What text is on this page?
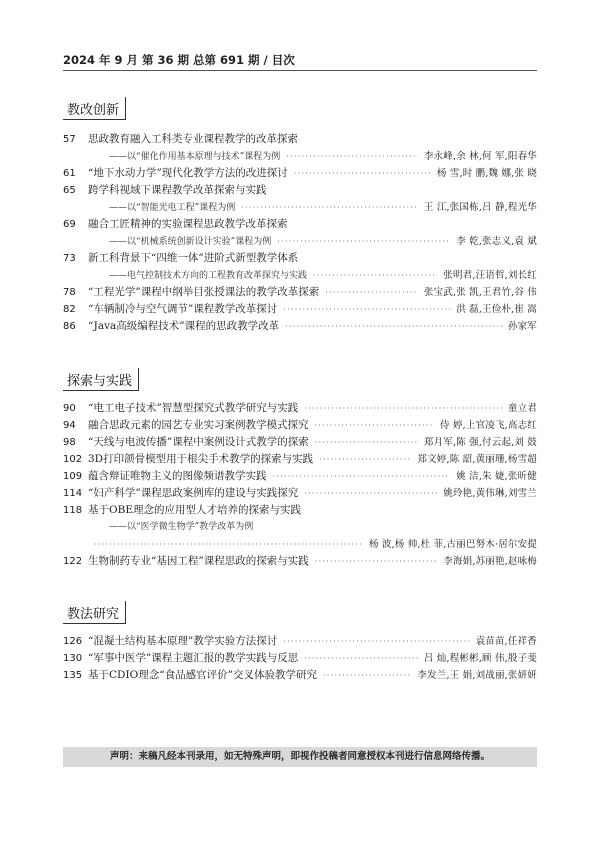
2024 年 9 月 第 36 期 总第 691 期 / 目次
教改创新
57	思政教育融入工科类专业课程教学的改革探索
——以“催化作用基本原理与技术”课程为例 ·····	李永峰,余 林,何 军,阳春华
61	“地下水动力学”现代化教学方法的改进探讨 ·····	杨 雪,时 鹏,魏 娜,张 晓
65	跨学科视域下课程教学改革探索与实践
——以“智能光电工程”课程为例 ·····	王 江,张国栋,吕 静,程光华
69	融合工匠精神的实验课程思政教学改革探索
——以“机械系统创新设计实验”课程为例 ·····	李 乾,张志义,袁 斌
73	新工科背景下“四维一体”进阶式新型教学体系
——电气控制技术方向的工程教育改革探究与实践 ·····	张明君,汪语哲,刘长红
78	“工程光学”课程中纲举目张授课法的教学改革探索 ·····	张宝武,张 凯,王君竹,谷 伟
82	“车辆制冷与空气调节”课程教学改革探讨 ·····	洪 磊,王俭朴,崔 嵩
86	“Java高级编程技术”课程的思政教学改革 ·····	孙家军
探索与实践
90	“电工电子技术”智慧型探究式教学研究与实践 ·····	童立君
94	融合思政元素的园艺专业实习案例教学模式探究 ·····	侍 婷,上官凌飞,高志红
98	“天线与电波传播”课程中案例设计式教学的探索 ·····	郑月军,陈 强,付云起,刘 鼓
102 3D打印颌骨模型用于根尖手术教学的探索与实践 ·····	郑文婷,陈 韶,黄丽珊,杨雪超
109 蕴含辩证唯物主义的图像频谱教学实践 ·····	姚 洁,朱 婕,张昕健
114 “妇产科学”课程思政案例库的建设与实践探究 ·····	姚玲艳,黄伟琳,刘雪兰
118 基于OBE理念的应用型人才培养的探索与实践
——以“医学微生物学”教学改革为例
·····
杨 波,杨 帅,杜 菲,古丽巴努木·居尔安提
122 生物制药专业“基因工程”课程思政的探索与实践 ·····	李海娟,苏丽艳,赵咏梅
教法研究
126 “混凝土结构基本原理”教学实验方法探讨 ·····	袁苗苗,任祥香
130 “军事中医学”课程主题汇报的教学实践与反思 ·····	吕 灿,程彬彬,顾 伟,殷子斐
135 基于CDIO理念“食品感官评价”交叉体验教学研究 ·····	李发兰,王 娟,刘战丽,张妍妍
声明：来稿凡经本刊录用，如无特殊声明，即视作投稿者同意授权本刊进行信息网络传播。
